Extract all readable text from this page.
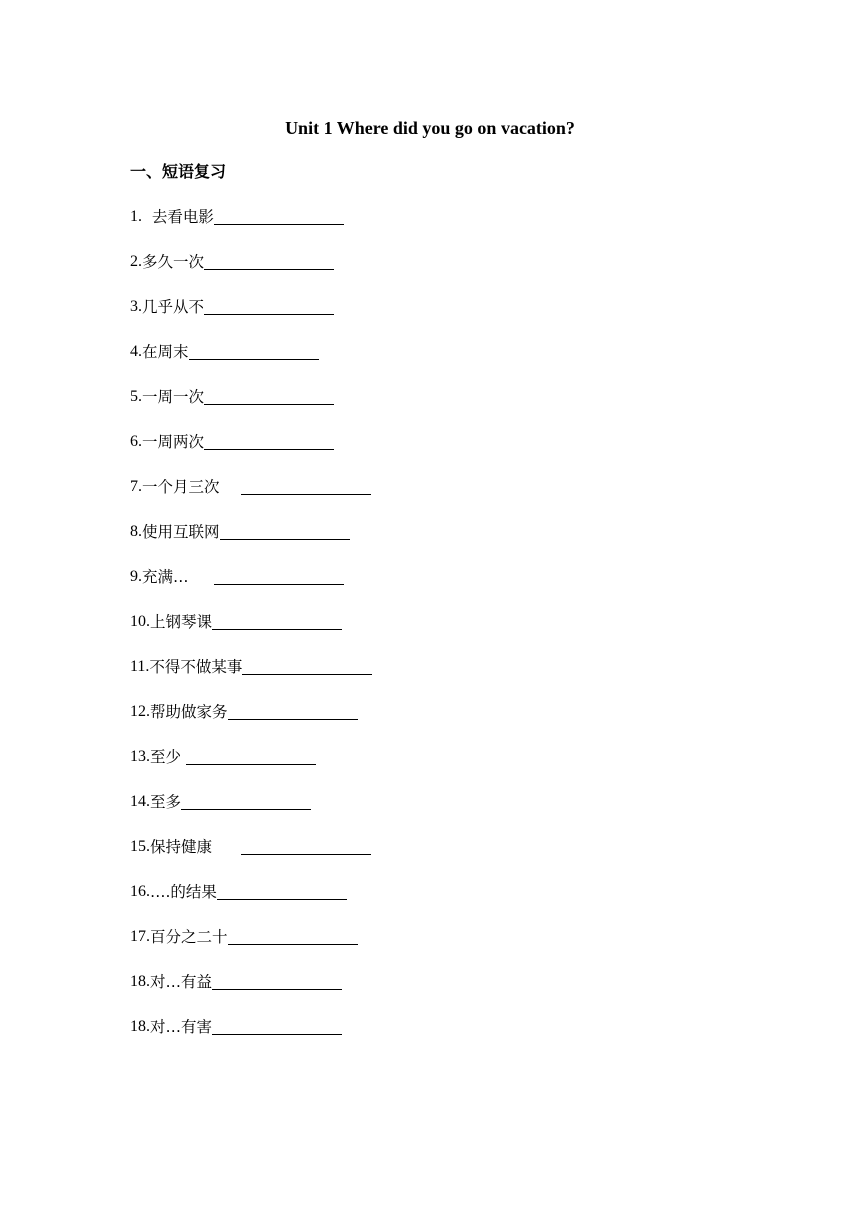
Unit 1 Where did you go on vacation?
一、短语复习
1. 去看电影
2. 多久一次
3. 几乎从不
4. 在周末
5. 一周一次
6. 一周两次
7. 一个月三次
8. 使用互联网
9. 充满…
10. 上钢琴课
11. 不得不做某事
12. 帮助做家务
13. 至少
14. 至多
15. 保持健康
16. ….的结果
17. 百分之二十
18. 对…有益
18. 对…有害
